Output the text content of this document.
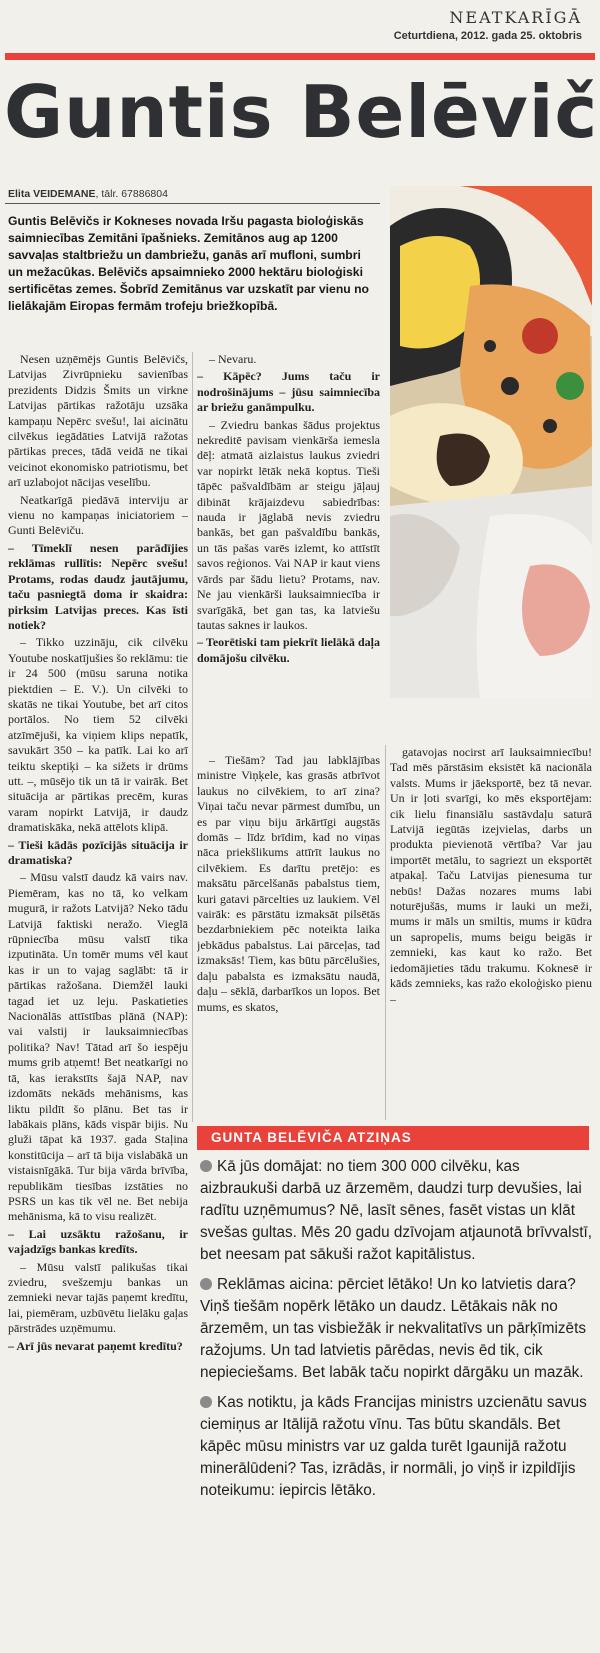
NEATKARĪGĀ
Ceturtdiena, 2012. gada 25. oktobris
Guntis Belēvič
Elita VEIDEMANE, tālr. 67886804
Guntis Belēvičs ir Kokneses novada Iršu pagasta bioloģiskās saimniecības Zemitāni īpašnieks. Zemitānos aug ap 1200 savvaļas staltbriežu un dambriežu, ganās arī mufloni, sumbri un mežacūkas. Belēvičs apsaimnieko 2000 hektāru bioloģiski sertificētas zemes. Šobrīd Zemitānus var uzskatīt par vienu no lielākajām Eiropas fermām trofeju briežkopībā.

Nesen uzņēmējs Guntis Belēvičs, Latvijas Zivrūpnieku savienības prezidents Didzis Šmits un virkne Latvijas pārtikas ražotāju uzsāka kampaņu Nepērc svešu!, lai aicinātu cilvēkus iegādāties Latvijā ražotas pārtikas preces, tādā veidā ne tikai veicinot ekonomisko patriotismu, bet arī uzlabojot nācijas veselību.

Neatkarīgā piedāvā interviju ar vienu no kampaņas iniciatoriem – Gunti Belēviču.

– Tīmeklī nesen parādījies reklāmas rullītis: Nepērc svešu! Protams, rodas daudz jautājumu, taču pasniegtā doma ir skaidra: pirksim Latvijas preces. Kas īsti notiek?

– Tikko uzzināju, cik cilvēku Youtube noskatījušies šo reklāmu: tie ir 24 500 (mūsu saruna notika piektdien – E. V.). Un cilvēki to skatās ne tikai Youtube, bet arī citos portālos. No tiem 52 cilvēki atzīmējuši, ka viņiem klips nepatīk, savukārt 350 – ka patīk. Lai ko arī teiktu skeptiķi – ka sižets ir drūms utt. –, mūsējo tik un tā ir vairāk. Bet situācija ar pārtikas precēm, kuras varam nopirkt Latvijā, ir daudz dramatiskāka, nekā attēlots klipā.

– Tieši kādās pozīcijās situācija ir dramatiska?

– Mūsu valstī daudz kā vairs nav. Piemēram, kas no tā, ko velkam mugurā, ir ražots Latvijā? Neko tādu Latvijā faktiski neražo. Vieglā rūpniecība mūsu valstī tika izputināta. Un tomēr mums vēl kaut kas ir un to vajag saglābt: tā ir pārtikas ražošana. Diemžēl lauki tagad iet uz leju. Paskatieties Nacionālās attīstības plānā (NAP): vai valstij ir lauksaimniecības politika? Nav! Tātad arī šo iespēju mums grib atņemt! Bet neatkarīgi no tā, kas ierakstīts šajā NAP, nav izdomāts nekāds mehānisms, kas liktu pildīt šo plānu. Bet tas ir labākais plāns, kāds vispār bijis. Nu gluži tāpat kā 1937. gada Staļina konstitūcija – arī tā bija vislabākā un vistaisnīgākā. Tur bija vārda brīvība, republikām tiesības izstāties no PSRS un kas tik vēl ne. Bet nebija mehānisma, kā to visu realizēt.

– Lai uzsāktu ražošanu, ir vajadzīgs bankas kredīts.

– Mūsu valstī palikušas tikai zviedru, svešzemju bankas un zemnieki nevar tajās paņemt kredītu, lai, piemēram, uzbūvētu lielāku gaļas pārstrādes uzņēmumu.

– Arī jūs nevarat paņemt kredītu?

– Nevaru.

– Kāpēc? Jums taču ir nodrošinājums – jūsu saimniecība ar briežu ganāmpulku.

– Zviedru bankas šādus projektus nekreditē pavisam vienkārša iemesla dēļ: atmatā aizlaistus laukus zviedri var nopirkt lētāk nekā koptus. Tieši tāpēc pašvaldībām ar steigu jāļauj dibināt krājaizdevu sabiedrības: nauda ir jāglabā nevis zviedru bankās, bet gan pašvaldību bankās, un tās pašas varēs izlemt, ko attīstīt savos reģionos. Vai NAP ir kaut viens vārds par šādu lietu? Protams, nav. Ne jau vienkārši lauksaimniecība ir svarīgākā, bet gan tas, ka latviešu tautas saknes ir laukos.

– Teorētiski tam piekrīt lielākā daļa domājošu cilvēku.

– Tiešām? Tad jau labklājības ministre Viņķele, kas grasās atbrīvot laukus no cilvēkiem, to arī zina? Viņai taču nevar pārmest dumību, un es par viņu biju ārkārtīgi augstās domās – līdz brīdim, kad no viņas nāca priekšlikums attīrīt laukus no cilvēkiem. Es darītu pretējo: es maksātu pārcelšanās pabalstus tiem, kuri gatavi pārcelties uz laukiem. Vēl vairāk: es pārstātu izmaksāt pilsētās bezdarbniekiem pēc noteikta laika jebkādus pabalstus. Lai pārceļas, tad izmaksās! Tiem, kas būtu pārcēlušies, daļu pabalsta es izmaksātu naudā, daļu – sēklā, darbarīkos un lopos. Bet mums, es skatos,

gatavojas nocirst arī lauksaimniecību! Tad mēs pārstāsim eksistēt kā nacionāla valsts. Mums ir jāeksportē, bez tā nevar. Un ir ļoti svarīgi, ko mēs eksportējam: cik lielu finansiālu sastāvdaļu saturā Latvijā iegūtās izejvielas, darbs un produkta pievienotā vērtība? Var jau importēt metālu, to sagriezt un eksportēt atpakaļ. Taču Latvijas pienesuma tur nebūs! Dažas nozares mums labi noturējušās, mums ir lauki un meži, mums ir māls un smiltis, mums ir kūdra un sapropelis, mums beigu beigās ir zemnieki, kas kaut ko ražo. Bet iedomājieties tādu trakumu. Koknesē ir kāds zemnieks, kas ražo ekoloģisko pienu –

GUNTA BELĒVIČA ATZIŅAS

Kā jūs domājat: no tiem 300 000 cilvēku, kas aizbraukuši darbā uz ārzemēm, daudzi turp devušies, lai radītu uzņēmumus? Nē, lasīt sēnes, fasēt vistas un klāt svešas gultas. Mēs 20 gadu dzīvojam atjaunotā brīvvalstī, bet neesam pat sākuši ražot kapitālistus.

Reklāmas aicina: pērciet lētāko! Un ko latvietis dara? Viņš tiešām nopērk lētāko un daudz. Lētākais nāk no ārzemēm, un tas visbiežāk ir nekvalitatīvs un pārķīmizēts ražojums. Un tad latvietis pārēdas, nevis ēd tik, cik nepieciešams. Bet labāk taču nopirkt dārgāku un mazāk.

Kas notiktu, ja kāds Francijas ministrs uzcienātu savus ciemiņus ar Itālijā ražotu vīnu. Tas būtu skandāls. Bet kāpēc mūsu ministrs var uz galda turēt Igaunijā ražotu minerālūdeni? Tas, izrādās, ir normāli, jo viņš ir izpildījis noteikumu: iepircis lētāko.
